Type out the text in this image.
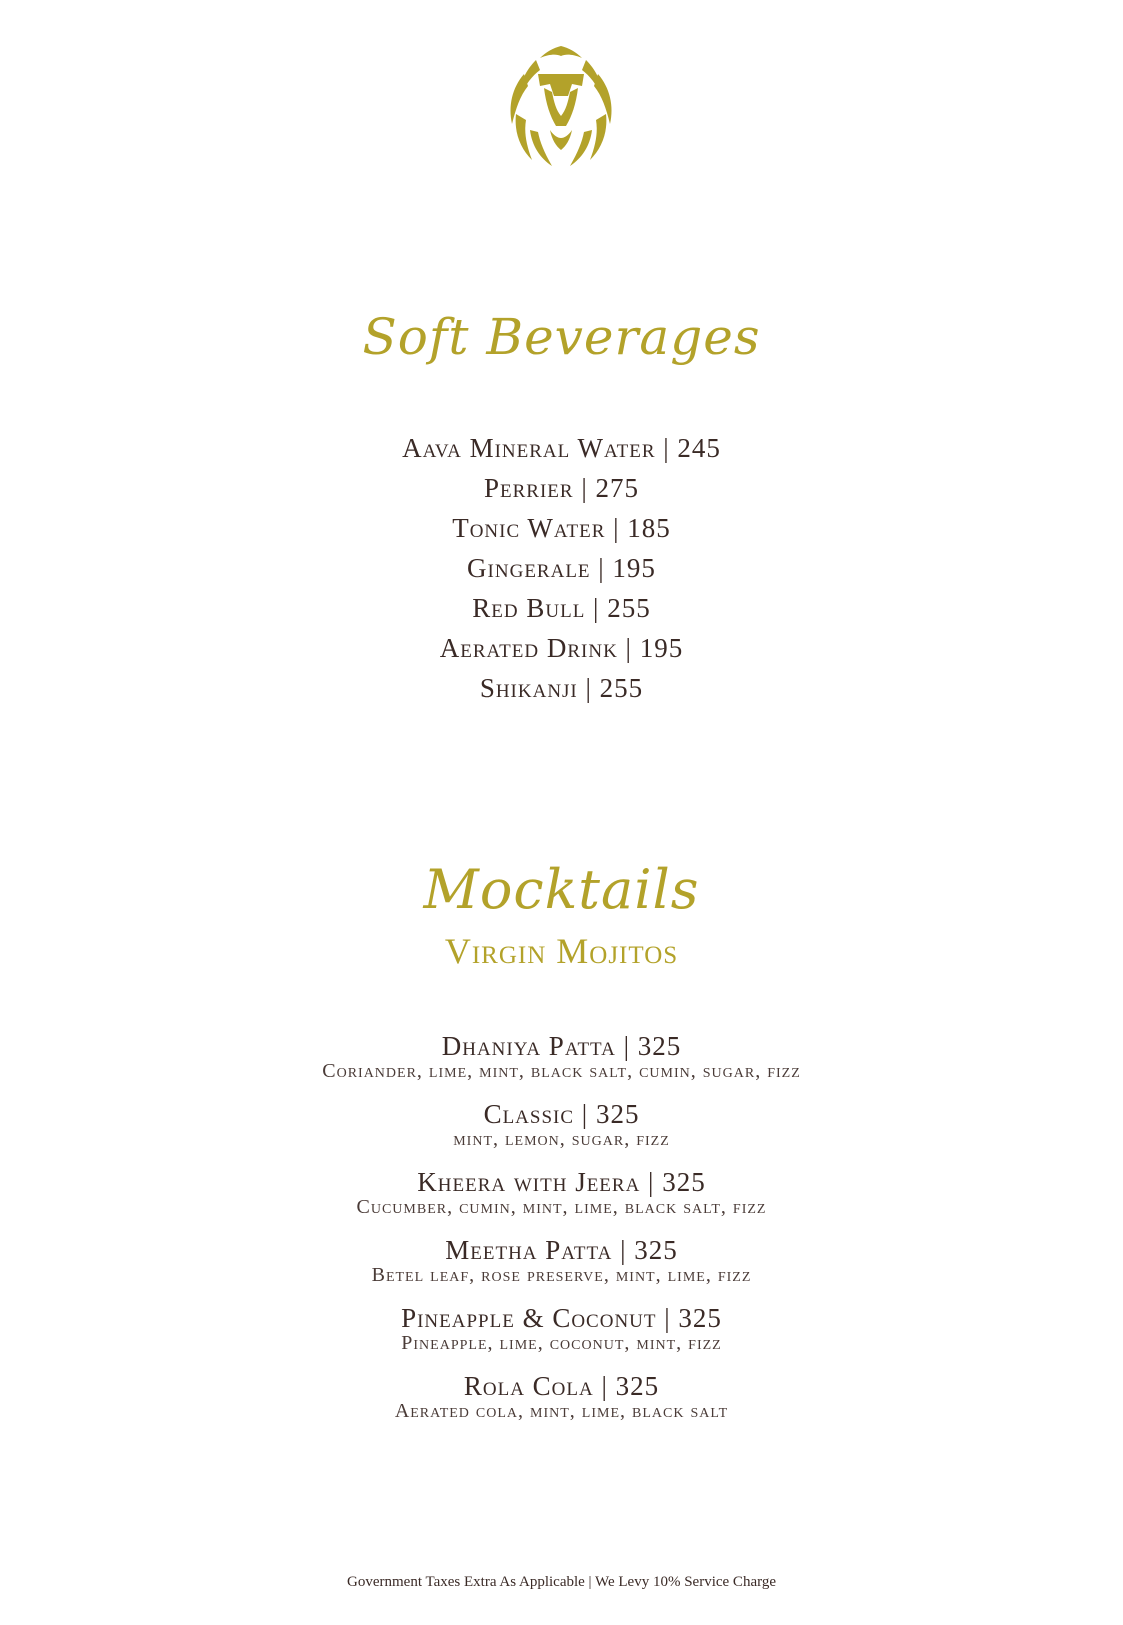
Soft Beverages
Aava Mineral Water | 245
Perrier | 275
Tonic Water | 185
Gingerale | 195
Red Bull | 255
Aerated Drink | 195
Shikanji | 255
Mocktails
Virgin Mojitos
Dhaniya Patta | 325
Coriander, lime, mint, black salt, cumin, sugar, fizz
Classic | 325
mint, lemon, sugar, fizz
Kheera with Jeera | 325
Cucumber, cumin, mint, lime, black salt, fizz
Meetha Patta | 325
Betel leaf, rose preserve, mint, lime, fizz
Pineapple & Coconut | 325
Pineapple, lime, coconut, mint, fizz
Rola Cola | 325
Aerated cola, mint, lime, black salt
Government Taxes Extra As Applicable | We Levy 10% Service Charge
